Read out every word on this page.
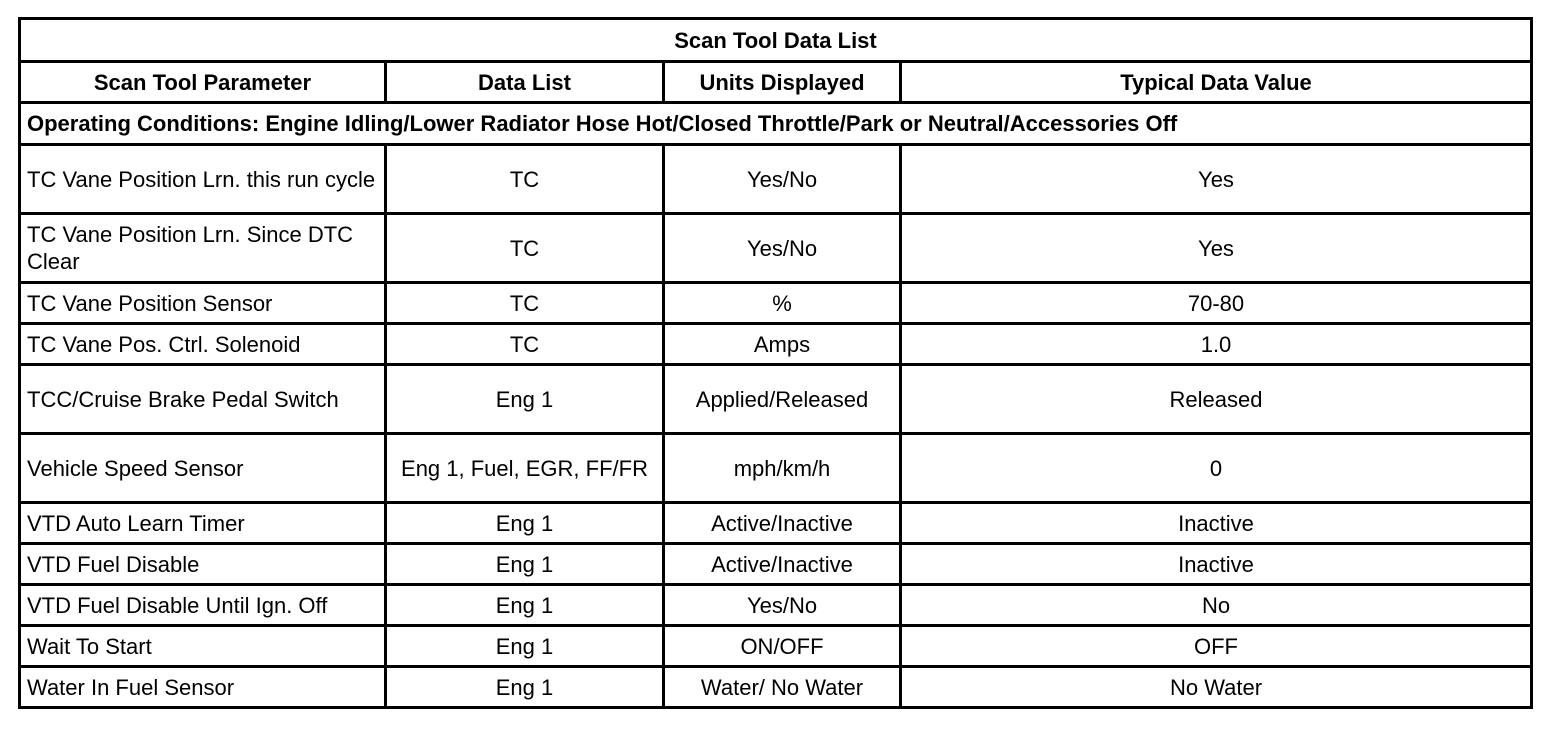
Scan Tool Data List			
Scan Tool Parameter	Data List	Units Displayed	Typical Data Value
Operating Conditions: Engine Idling/Lower Radiator Hose Hot/Closed Throttle/Park or Neutral/Accessories Off			
TC Vane Position Lrn. this run cycle	TC	Yes/No	Yes
TC Vane Position Lrn. Since DTC Clear	TC	Yes/No	Yes
TC Vane Position Sensor	TC	%	70-80
TC Vane Pos. Ctrl. Solenoid	TC	Amps	1.0
TCC/Cruise Brake Pedal Switch	Eng 1	Applied/Released	Released
Vehicle Speed Sensor	Eng 1, Fuel, EGR, FF/FR	mph/km/h	0
VTD Auto Learn Timer	Eng 1	Active/Inactive	Inactive
VTD Fuel Disable	Eng 1	Active/Inactive	Inactive
VTD Fuel Disable Until Ign. Off	Eng 1	Yes/No	No
Wait To Start	Eng 1	ON/OFF	OFF
Water In Fuel Sensor	Eng 1	Water/ No Water	No Water
